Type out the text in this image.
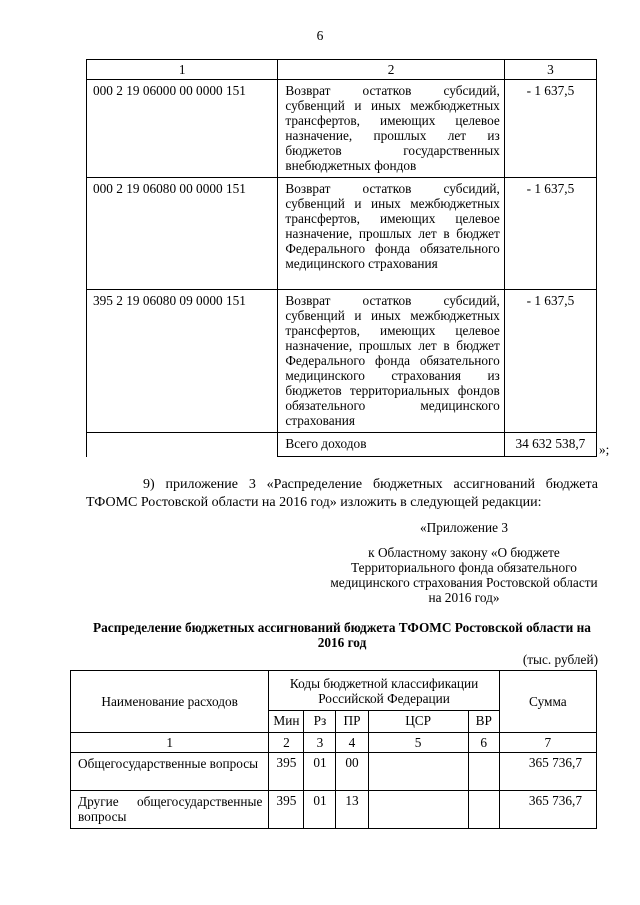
6
1	2	3
000 2 19 06000 00 0000 151	Возврат остатков субсидий, субвенций и иных межбюджетных трансфертов, имеющих целевое назначение, прошлых лет из бюджетов государственных внебюджетных фондов	- 1 637,5
000 2 19 06080 00 0000 151	Возврат остатков субсидий, субвенций и иных межбюджетных трансфертов, имеющих целевое назначение, прошлых лет в бюджет Федерального фонда обязательного медицинского страхования	- 1 637,5
395 2 19 06080 09 0000 151	Возврат остатков субсидий, субвенций и иных межбюджетных трансфертов, имеющих целевое назначение, прошлых лет в бюджет Федерального фонда обязательного медицинского страхования из бюджетов территориальных фондов обязательного медицинского страхования	- 1 637,5
	Всего доходов	34 632 538,7 »;
9) приложение 3 «Распределение бюджетных ассигнований бюджета ТФОМС Ростовской области на 2016 год» изложить в следующей редакции:
«Приложение 3
к Областному закону «О бюджете Территориального фонда обязательного медицинского страхования Ростовской области на 2016 год»
Распределение бюджетных ассигнований бюджета ТФОМС Ростовской области на 2016 год
(тыс. рублей)
Наименование расходов	Коды бюджетной классификации Российской Федерации					Сумма
	Мин	Рз	ПР	ЦСР	ВР	
1	2	3	4	5	6	7
Общегосударственные вопросы	395	01	00			365 736,7
Другие общегосударственные вопросы	395	01	13			365 736,7
